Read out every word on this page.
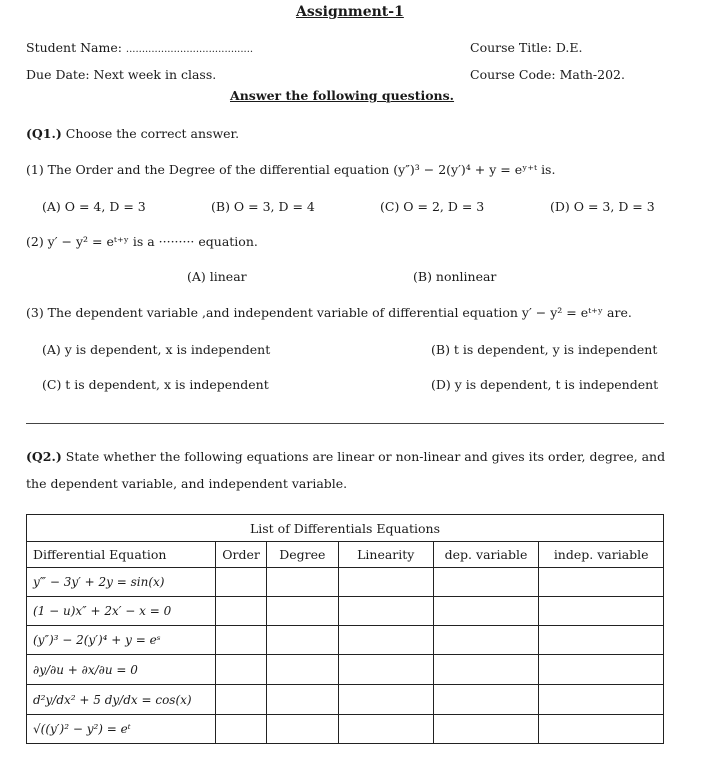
Assignment-1
Student Name: ........................................
Due Date: Next week in class.
Course Title: D.E.
Course Code: Math-202.
Answer the following questions.
(Q1.) Choose the correct answer.
(1) The Order and the Degree of the differential equation (y″)³ − 2(y′)⁴ + y = eʸ⁺ᵗ is.
(A) O = 4, D = 3	(B) O = 3, D = 4	(C) O = 2, D = 3	(D) O = 3, D = 3
(2) y′ − y² = eᵗ⁺ʸ is a ········· equation.
(A) linear	(B) nonlinear
(3) The dependent variable ,and independent variable of differential equation y′ − y² = eᵗ⁺ʸ are.
(A) y is dependent, x is independent	(B) t is dependent, y is independent
(C) t is dependent, x is independent	(D) y is dependent, t is independent
(Q2.) State whether the following equations are linear or non-linear and gives its order, degree, and
the dependent variable, and independent variable.
List of Differentials Equations					
Differential Equation	Order	Degree	Linearity	dep. variable	indep. variable
y‴ − 3y′ + 2y = sin(x)					
(1 − u)x″ + 2x′ − x = 0					
(y″)³ − 2(y′)⁴ + y = eˢ					
∂y/∂u + ∂x/∂u = 0					
d²y/dx² + 5 dy/dx = cos(x)					
√((y′)² − y²) = eᵗ					
